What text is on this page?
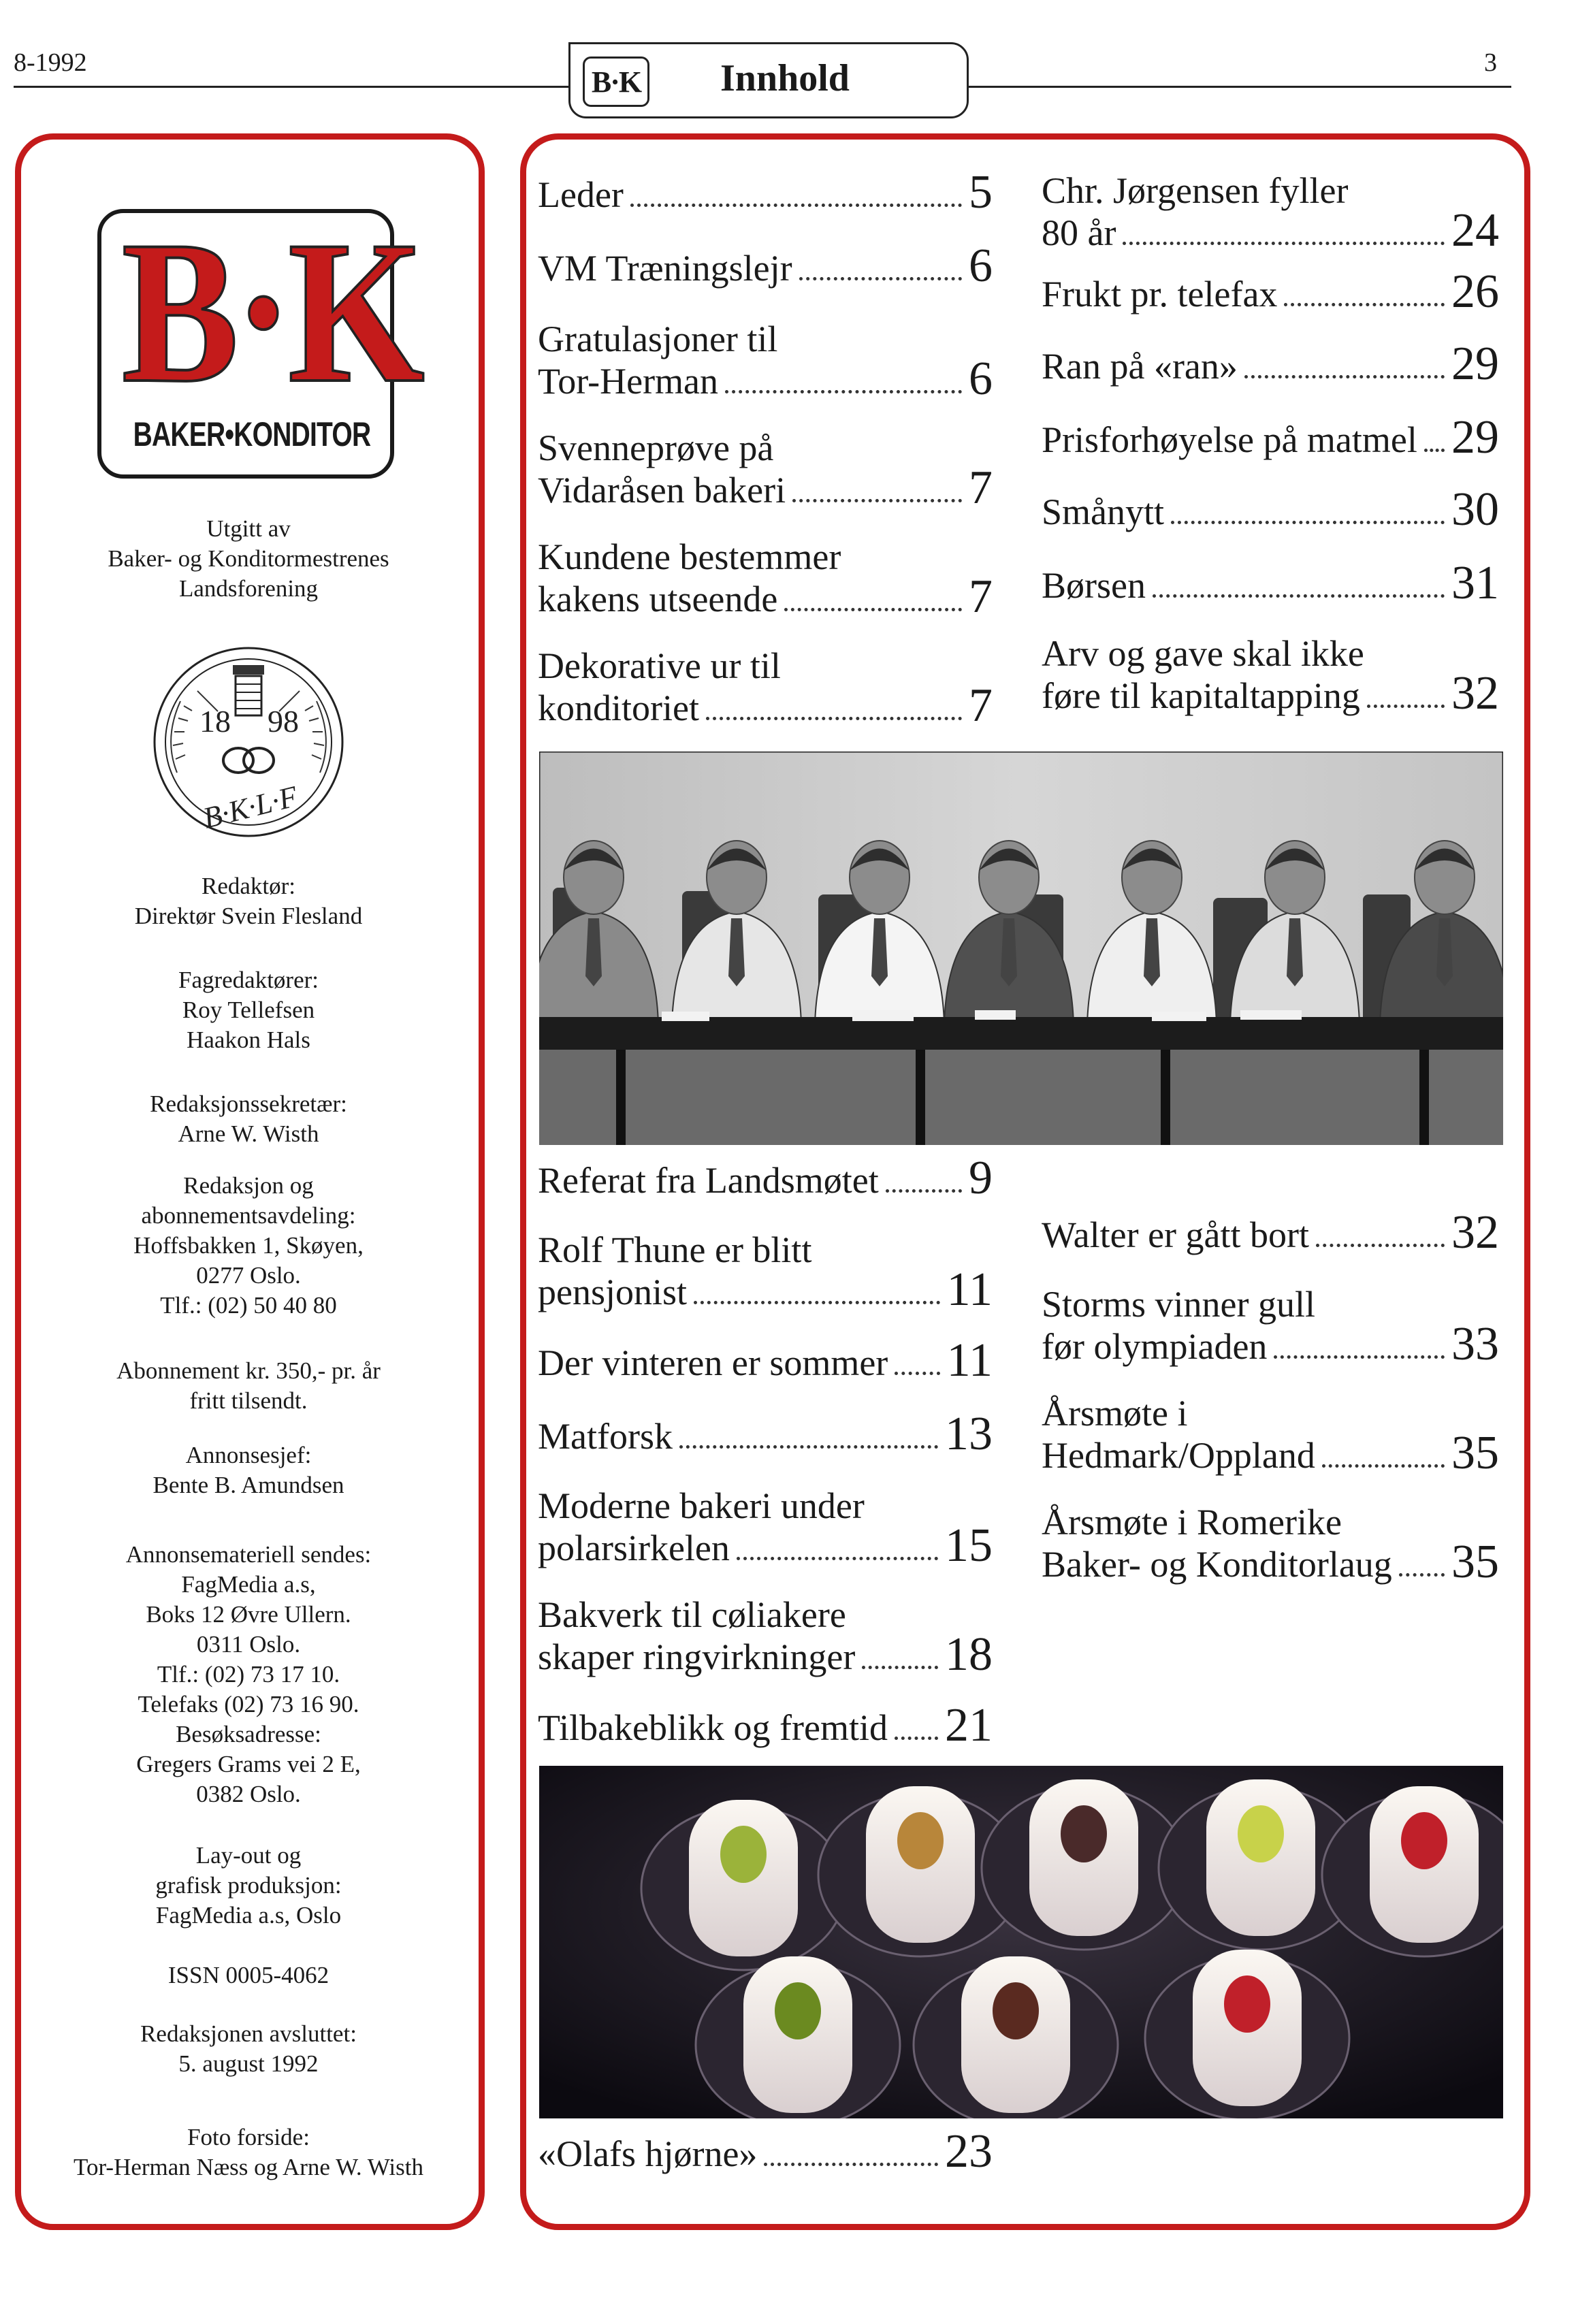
8-1992	3
B·K Innhold
B·K
BAKER•KONDITOR
Utgitt av
Baker- og Konditormestrenes
Landsforening
18 98
B·K·L·F
Redaktør:
Direktør Svein Flesland
Fagredaktører:
Roy Tellefsen
Haakon Hals
Redaksjonssekretær:
Arne W. Wisth
Redaksjon og
abonnementsavdeling:
Hoffsbakken 1, Skøyen,
0277 Oslo.
Tlf.: (02) 50 40 80
Abonnement kr. 350,- pr. år
fritt tilsendt.
Annonsesjef:
Bente B. Amundsen
Annonsemateriell sendes:
FagMedia a.s,
Boks 12 Øvre Ullern.
0311 Oslo.
Tlf.: (02) 73 17 10.
Telefaks (02) 73 16 90.
Besøksadresse:
Gregers Grams vei 2 E,
0382 Oslo.
Lay-out og
grafisk produksjon:
FagMedia a.s, Oslo
ISSN 0005-4062
Redaksjonen avsluttet:
5. august 1992
Foto forside:
Tor-Herman Næss og Arne W. Wisth
Leder	5
VM Træningslejr	6
Gratulasjoner til
Tor-Herman	6
Svenneprøve på
Vidaråsen bakeri	7
Kundene bestemmer
kakens utseende	7
Dekorative ur til
konditoriet	7
Chr. Jørgensen fyller
80 år	24
Frukt pr. telefax	26
Ran på «ran»	29
Prisforhøyelse på matmel 29
Smånytt	30
Børsen	31
Arv og gave skal ikke
føre til kapitaltapping 32
Referat fra Landsmøtet 9
Rolf Thune er blitt
pensjonist	11
Der vinteren er sommer 11
Matforsk	13
Moderne bakeri under
polarsirkelen	15
Bakverk til cøliakere
skaper ringvirkninger 18
Tilbakeblikk og fremtid 21
Walter er gått bort	32
Storms vinner gull
før olympiaden	33
Årsmøte i
Hedmark/Oppland	35
Årsmøte i Romerike
Baker- og Konditorlaug 35
«Olafs hjørne»	23
